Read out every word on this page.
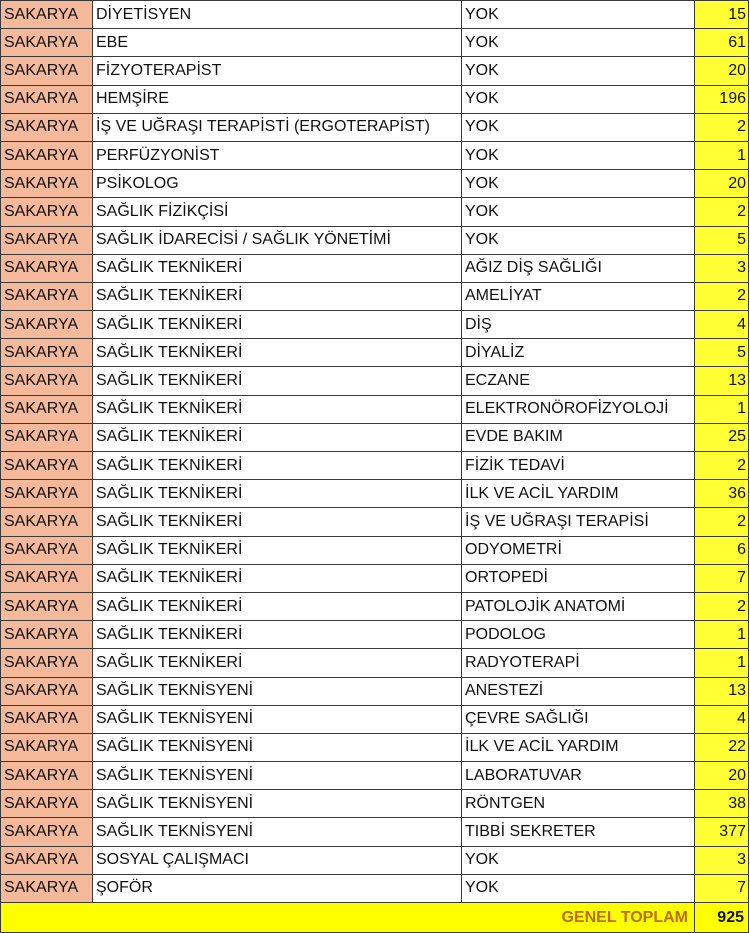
SAKARYA	DİYETİSYEN	YOK	15
SAKARYA	EBE	YOK	61
SAKARYA	FİZYOTERAPİST	YOK	20
SAKARYA	HEMŞİRE	YOK	196
SAKARYA	İŞ VE UĞRAŞI TERAPİSTİ (ERGOTERAPİST)	YOK	2
SAKARYA	PERFÜZYONİST	YOK	1
SAKARYA	PSİKOLOG	YOK	20
SAKARYA	SAĞLIK FİZİKÇİSİ	YOK	2
SAKARYA	SAĞLIK İDARECİSİ / SAĞLIK YÖNETİMİ	YOK	5
SAKARYA	SAĞLIK TEKNİKERİ	AĞIZ DİŞ SAĞLIĞI	3
SAKARYA	SAĞLIK TEKNİKERİ	AMELİYAT	2
SAKARYA	SAĞLIK TEKNİKERİ	DİŞ	4
SAKARYA	SAĞLIK TEKNİKERİ	DİYALİZ	5
SAKARYA	SAĞLIK TEKNİKERİ	ECZANE	13
SAKARYA	SAĞLIK TEKNİKERİ	ELEKTRONÖROFİZYOLOJİ	1
SAKARYA	SAĞLIK TEKNİKERİ	EVDE BAKIM	25
SAKARYA	SAĞLIK TEKNİKERİ	FİZİK TEDAVİ	2
SAKARYA	SAĞLIK TEKNİKERİ	İLK VE ACİL YARDIM	36
SAKARYA	SAĞLIK TEKNİKERİ	İŞ VE UĞRAŞI TERAPİSİ	2
SAKARYA	SAĞLIK TEKNİKERİ	ODYOMETRİ	6
SAKARYA	SAĞLIK TEKNİKERİ	ORTOPEDİ	7
SAKARYA	SAĞLIK TEKNİKERİ	PATOLOJİK ANATOMİ	2
SAKARYA	SAĞLIK TEKNİKERİ	PODOLOG	1
SAKARYA	SAĞLIK TEKNİKERİ	RADYOTERAPİ	1
SAKARYA	SAĞLIK TEKNİSYENİ	ANESTEZİ	13
SAKARYA	SAĞLIK TEKNİSYENİ	ÇEVRE SAĞLIĞI	4
SAKARYA	SAĞLIK TEKNİSYENİ	İLK VE ACİL YARDIM	22
SAKARYA	SAĞLIK TEKNİSYENİ	LABORATUVAR	20
SAKARYA	SAĞLIK TEKNİSYENİ	RÖNTGEN	38
SAKARYA	SAĞLIK TEKNİSYENİ	TIBBİ SEKRETER	377
SAKARYA	SOSYAL ÇALIŞMACI	YOK	3
SAKARYA	ŞOFÖR	YOK	7
GENEL TOPLAM			925
